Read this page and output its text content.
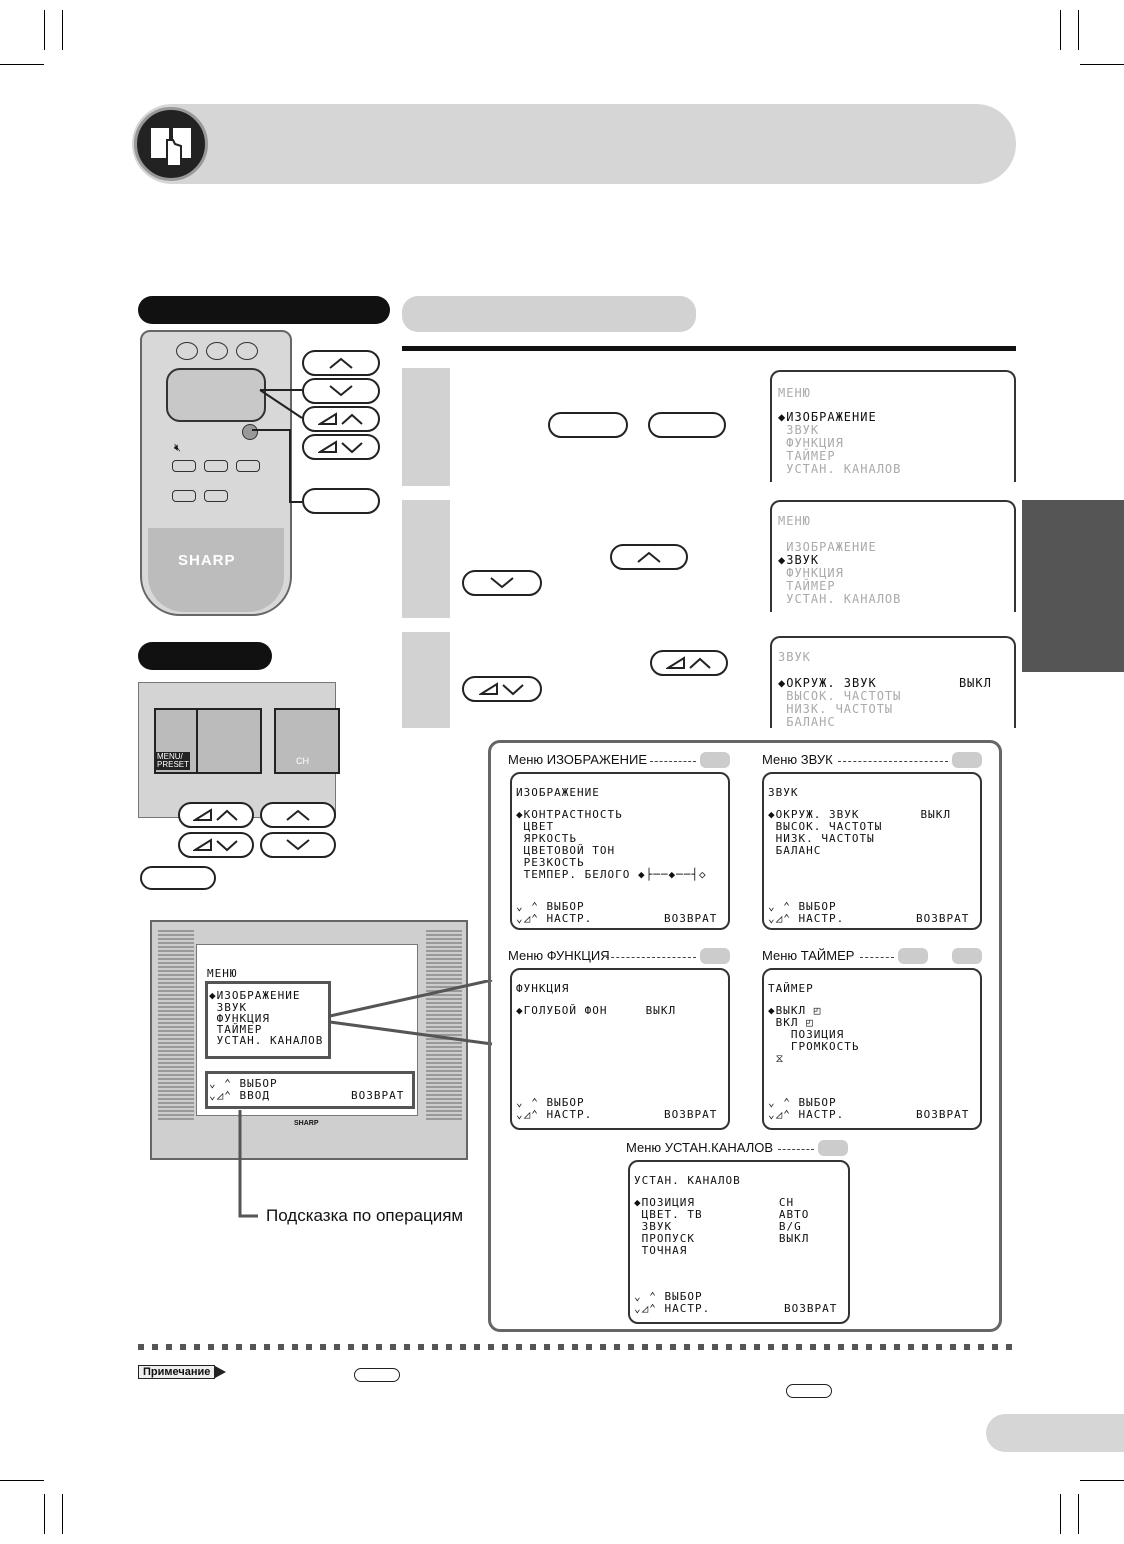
🔇︎
SHARP
MENU/
PRESET	CH
SHARP
МЕНЮ
◆ИЗОБРАЖЕНИЕ
ЗВУК
ФУНКЦИЯ
ТАЙМЕР
УСТАН. КАНАЛОВ
⌄ ⌃ ВЫБОР
⌄◿⌃ ВВОД	ВОЗВРАТ
Подсказка по операциям
МЕНЮ
◆ИЗОБРАЖЕНИЕ
ЗВУК
ФУНКЦИЯ
ТАЙМЕР
УСТАН. КАНАЛОВ
МЕНЮ
ИЗОБРАЖЕНИЕ
◆ЗВУК
ФУНКЦИЯ
ТАЙМЕР
УСТАН. КАНАЛОВ
ЗВУК
◆ОКРУЖ. ЗВУК          ВЫКЛ
ВЫСОК. ЧАСТОТЫ
НИЗК. ЧАСТОТЫ
БАЛАНС
Меню ИЗОБРАЖЕНИЕ
ИЗОБРАЖЕНИЕ
◆КОНТРАСТНОСТЬ
ЦВЕТ
ЯРКОСТЬ
ЦВЕТОВОЙ ТОН
РЕЗКОСТЬ
ТЕМПЕР. БЕЛОГО ◆├──◆──┤◇
⌄ ⌃ ВЫБОР
⌄◿⌃ НАСТР.	ВОЗВРАТ
Меню ЗВУК
ЗВУК
◆ОКРУЖ. ЗВУК        ВЫКЛ
ВЫСОК. ЧАСТОТЫ
НИЗК. ЧАСТОТЫ
БАЛАНС
⌄ ⌃ ВЫБОР
⌄◿⌃ НАСТР.	ВОЗВРАТ
Меню ФУНКЦИЯ
ФУНКЦИЯ
◆ГОЛУБОЙ ФОН     ВЫКЛ
⌄ ⌃ ВЫБОР
⌄◿⌃ НАСТР.	ВОЗВРАТ
Меню ТАЙМЕР
ТАЙМЕР
◆ВЫКЛ ◰
ВКЛ ◰
ПОЗИЦИЯ
ГРОМКОСТЬ
⧖
⌄ ⌃ ВЫБОР
⌄◿⌃ НАСТР.	ВОЗВРАТ
Меню УСТАН.КАНАЛОВ
УСТАН. КАНАЛОВ
◆ПОЗИЦИЯ           CH
ЦВЕТ. ТВ          АВТО
ЗВУК              B/G
ПРОПУСК           ВЫКЛ
ТОЧНАЯ
⌄ ⌃ ВЫБОР
⌄◿⌃ НАСТР.	ВОЗВРАТ
Примечание
